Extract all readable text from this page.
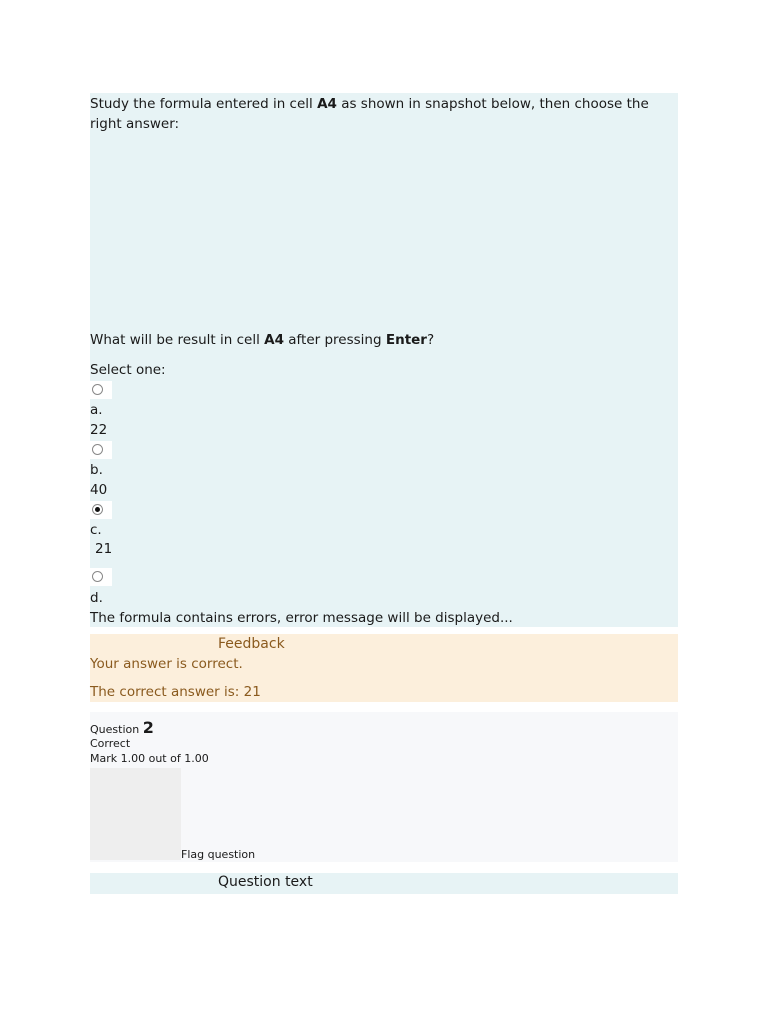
Study the formula entered in cell A4 as shown in snapshot below, then choose the right answer:
What will be result in cell A4 after pressing Enter?
Select one:
a.
22
b.
40
c.
21
d.
The formula contains errors, error message will be displayed...
Feedback
Your answer is correct.
The correct answer is: 21
Question 2
Correct
Mark 1.00 out of 1.00
Flag question
Question text
